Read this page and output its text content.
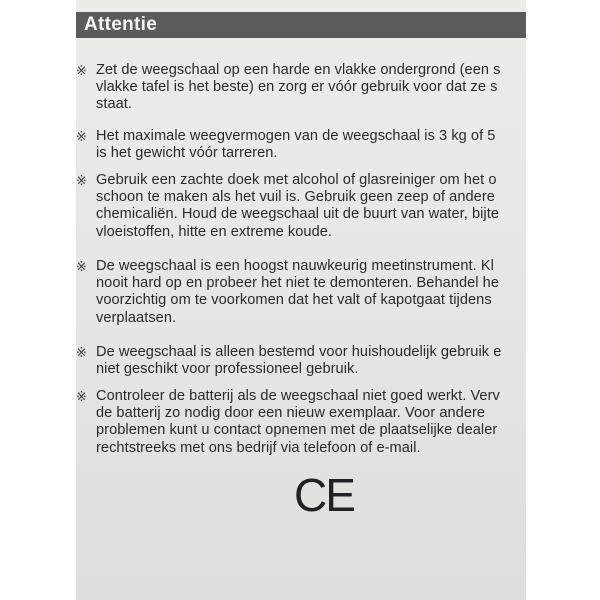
Attentie
※ Zet de weegschaal op een harde en vlakke ondergrond (een s
vlakke tafel is het beste) en zorg er vóór gebruik voor dat ze s
staat.
※ Het maximale weegvermogen van de weegschaal is 3 kg of 5
is het gewicht vóór tarreren.
※ Gebruik een zachte doek met alcohol of glasreiniger om het o
schoon te maken als het vuil is. Gebruik geen zeep of andere
chemicaliën. Houd de weegschaal uit de buurt van water, bijte
vloeistoffen, hitte en extreme koude.
※ De weegschaal is een hoogst nauwkeurig meetinstrument. Kl
nooit hard op en probeer het niet te demonteren. Behandel he
voorzichtig om te voorkomen dat het valt of kapotgaat tijdens
verplaatsen.
※ De weegschaal is alleen bestemd voor huishoudelijk gebruik e
niet geschikt voor professioneel gebruik.
※ Controleer de batterij als de weegschaal niet goed werkt. Verv
de batterij zo nodig door een nieuw exemplaar. Voor andere
problemen kunt u contact opnemen met de plaatselijke dealer
rechtstreeks met ons bedrijf via telefoon of e-mail.
CE
